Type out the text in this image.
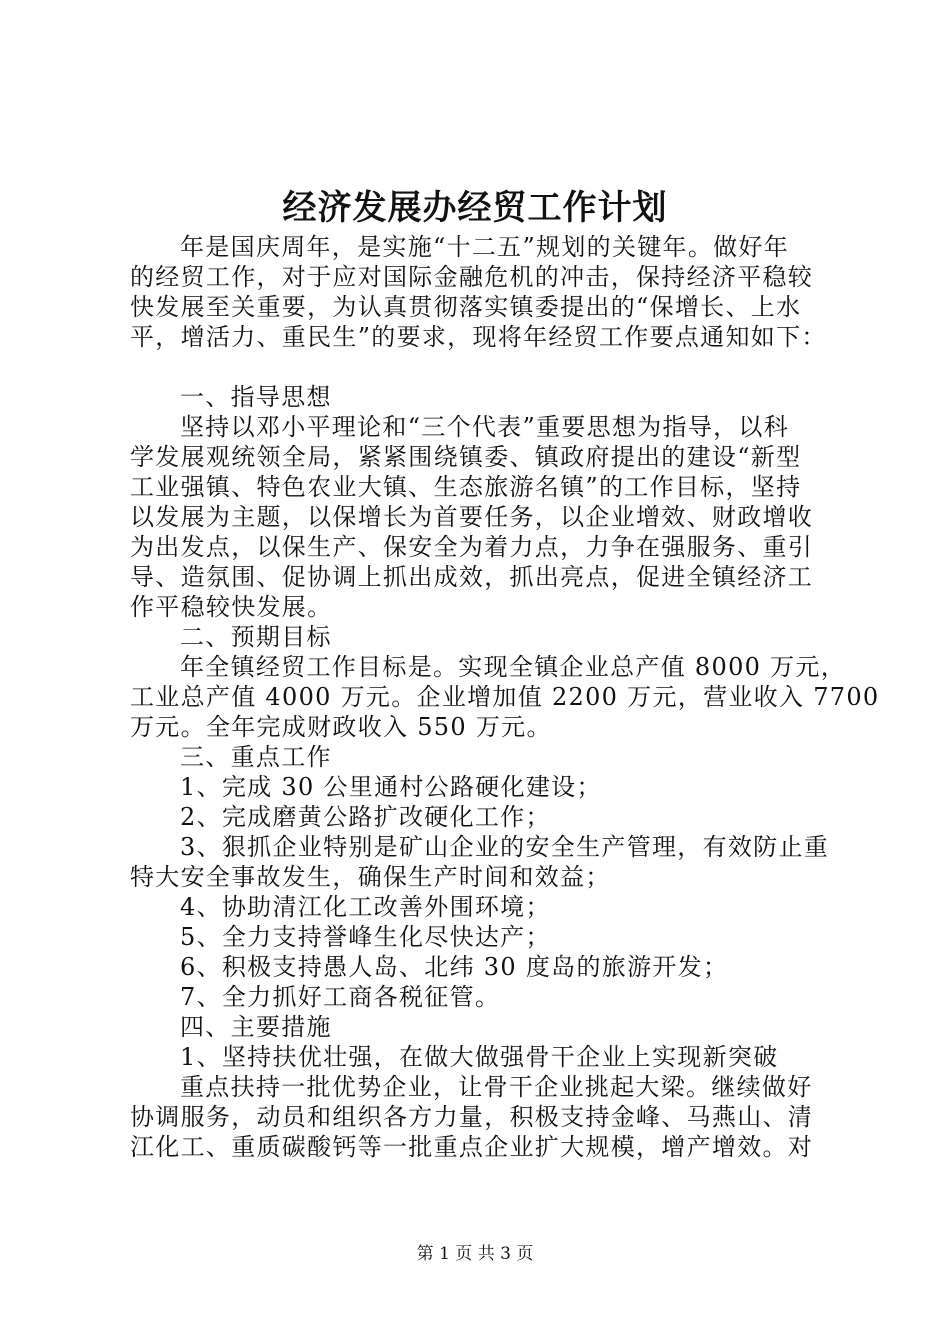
经济发展办经贸工作计划
年是国庆周年，是实施“十二五”规划的关键年。做好年
的经贸工作，对于应对国际金融危机的冲击，保持经济平稳较
快发展至关重要，为认真贯彻落实镇委提出的“保增长、上水
平，增活力、重民生”的要求，现将年经贸工作要点通知如下：
一、指导思想
坚持以邓小平理论和“三个代表”重要思想为指导，以科
学发展观统领全局，紧紧围绕镇委、镇政府提出的建设“新型
工业强镇、特色农业大镇、生态旅游名镇”的工作目标，坚持
以发展为主题，以保增长为首要任务，以企业增效、财政增收
为出发点，以保生产、保安全为着力点，力争在强服务、重引
导、造氛围、促协调上抓出成效，抓出亮点，促进全镇经济工
作平稳较快发展。
二、预期目标
年全镇经贸工作目标是。实现全镇企业总产值 8000 万元，
工业总产值 4000 万元。企业增加值 2200 万元，营业收入 7700
万元。全年完成财政收入 550 万元。
三、重点工作
1、完成 30 公里通村公路硬化建设；
2、完成磨黄公路扩改硬化工作；
3、狠抓企业特别是矿山企业的安全生产管理，有效防止重
特大安全事故发生，确保生产时间和效益；
4、协助清江化工改善外围环境；
5、全力支持誉峰生化尽快达产；
6、积极支持愚人岛、北纬 30 度岛的旅游开发；
7、全力抓好工商各税征管。
四、主要措施
1、坚持扶优壮强，在做大做强骨干企业上实现新突破
重点扶持一批优势企业，让骨干企业挑起大梁。继续做好
协调服务，动员和组织各方力量，积极支持金峰、马燕山、清
江化工、重质碳酸钙等一批重点企业扩大规模，增产增效。对
第 1 页 共 3 页
